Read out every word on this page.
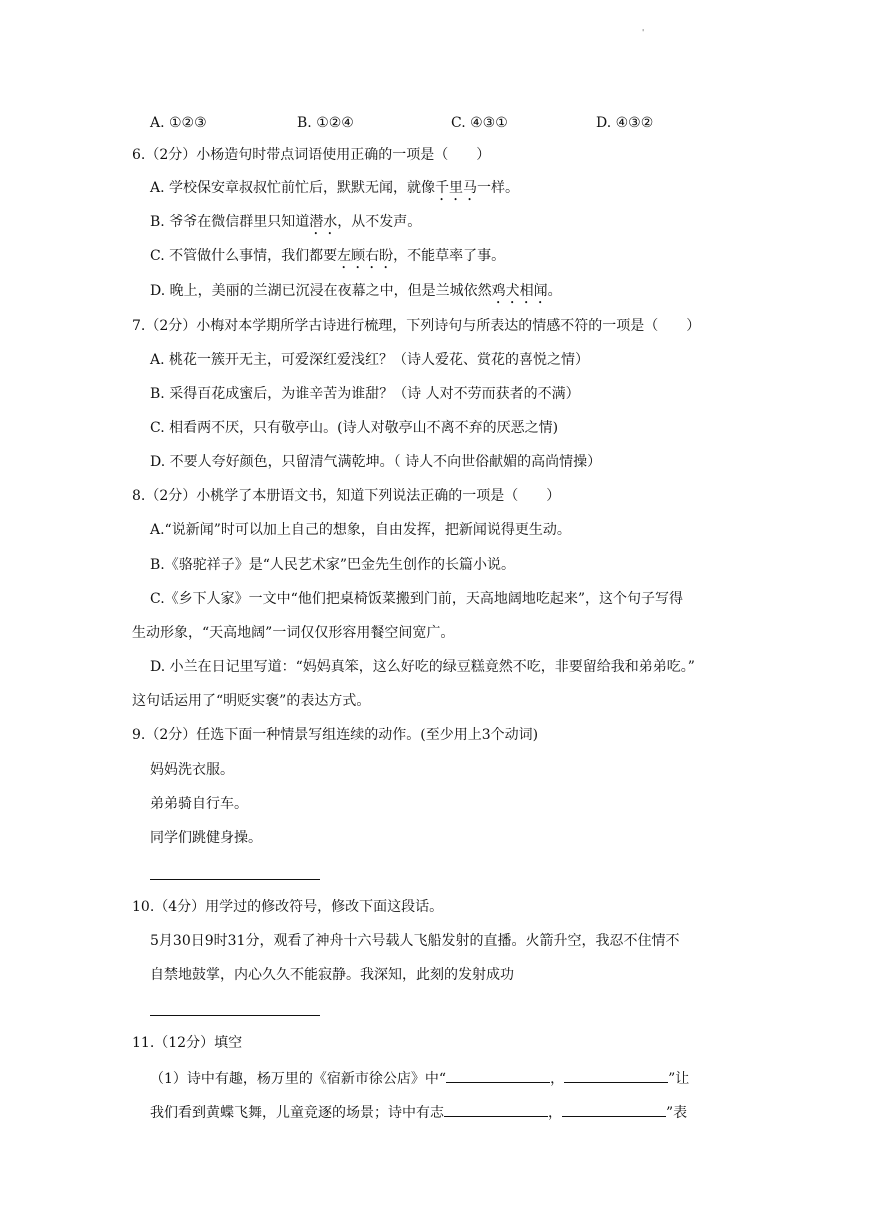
'
A. ①②③	B. ①②④	C. ④③①	D. ④③②
6.（2分）小杨造句时带点词语使用正确的一项是（　　）
A. 学校保安章叔叔忙前忙后，默默无闻，就像千里马一样。
B. 爷爷在微信群里只知道潜水，从不发声。
C. 不管做什么事情，我们都要左顾右盼，不能草率了事。
D. 晚上，美丽的兰湖已沉浸在夜幕之中，但是兰城依然鸡犬相闻。
7.（2分）小梅对本学期所学古诗进行梳理，下列诗句与所表达的情感不符的一项是（　　）
A. 桃花一簇开无主，可爱深红爱浅红？（诗人爱花、赏花的喜悦之情）
B. 采得百花成蜜后，为谁辛苦为谁甜？（诗 人对不劳而获者的不满）
C. 相看两不厌，只有敬亭山。(诗人对敬亭山不离不弃的厌恶之情)
D. 不要人夸好颜色，只留清气满乾坤。（ 诗人不向世俗献媚的高尚情操）
8.（2分）小桃学了本册语文书，知道下列说法正确的一项是（　　）
A.“说新闻”时可以加上自己的想象，自由发挥，把新闻说得更生动。
B.《骆驼祥子》是“人民艺术家”巴金先生创作的长篇小说。
C.《乡下人家》一文中“他们把桌椅饭菜搬到门前，天高地阔地吃起来”，这个句子写得
生动形象，“天高地阔”一词仅仅形容用餐空间宽广。
D. 小兰在日记里写道：“妈妈真笨，这么好吃的绿豆糕竟然不吃，非要留给我和弟弟吃。”
这句话运用了“明贬实褒”的表达方式。
9.（2分）任选下面一种情景写组连续的动作。(至少用上3个动词)
妈妈洗衣服。
弟弟骑自行车。
同学们跳健身操。
10.（4分）用学过的修改符号，修改下面这段话。
5月30日9时31分，观看了神舟十六号载人飞船发射的直播。火箭升空，我忍不住情不
自禁地鼓掌，内心久久不能寂静。我深知，此刻的发射成功
11.（12分）填空
（1）诗中有趣，杨万里的《宿新市徐公店》中“	，	”让
我们看到黄蝶飞舞，儿童竞逐的场景；诗中有志	，	”表
